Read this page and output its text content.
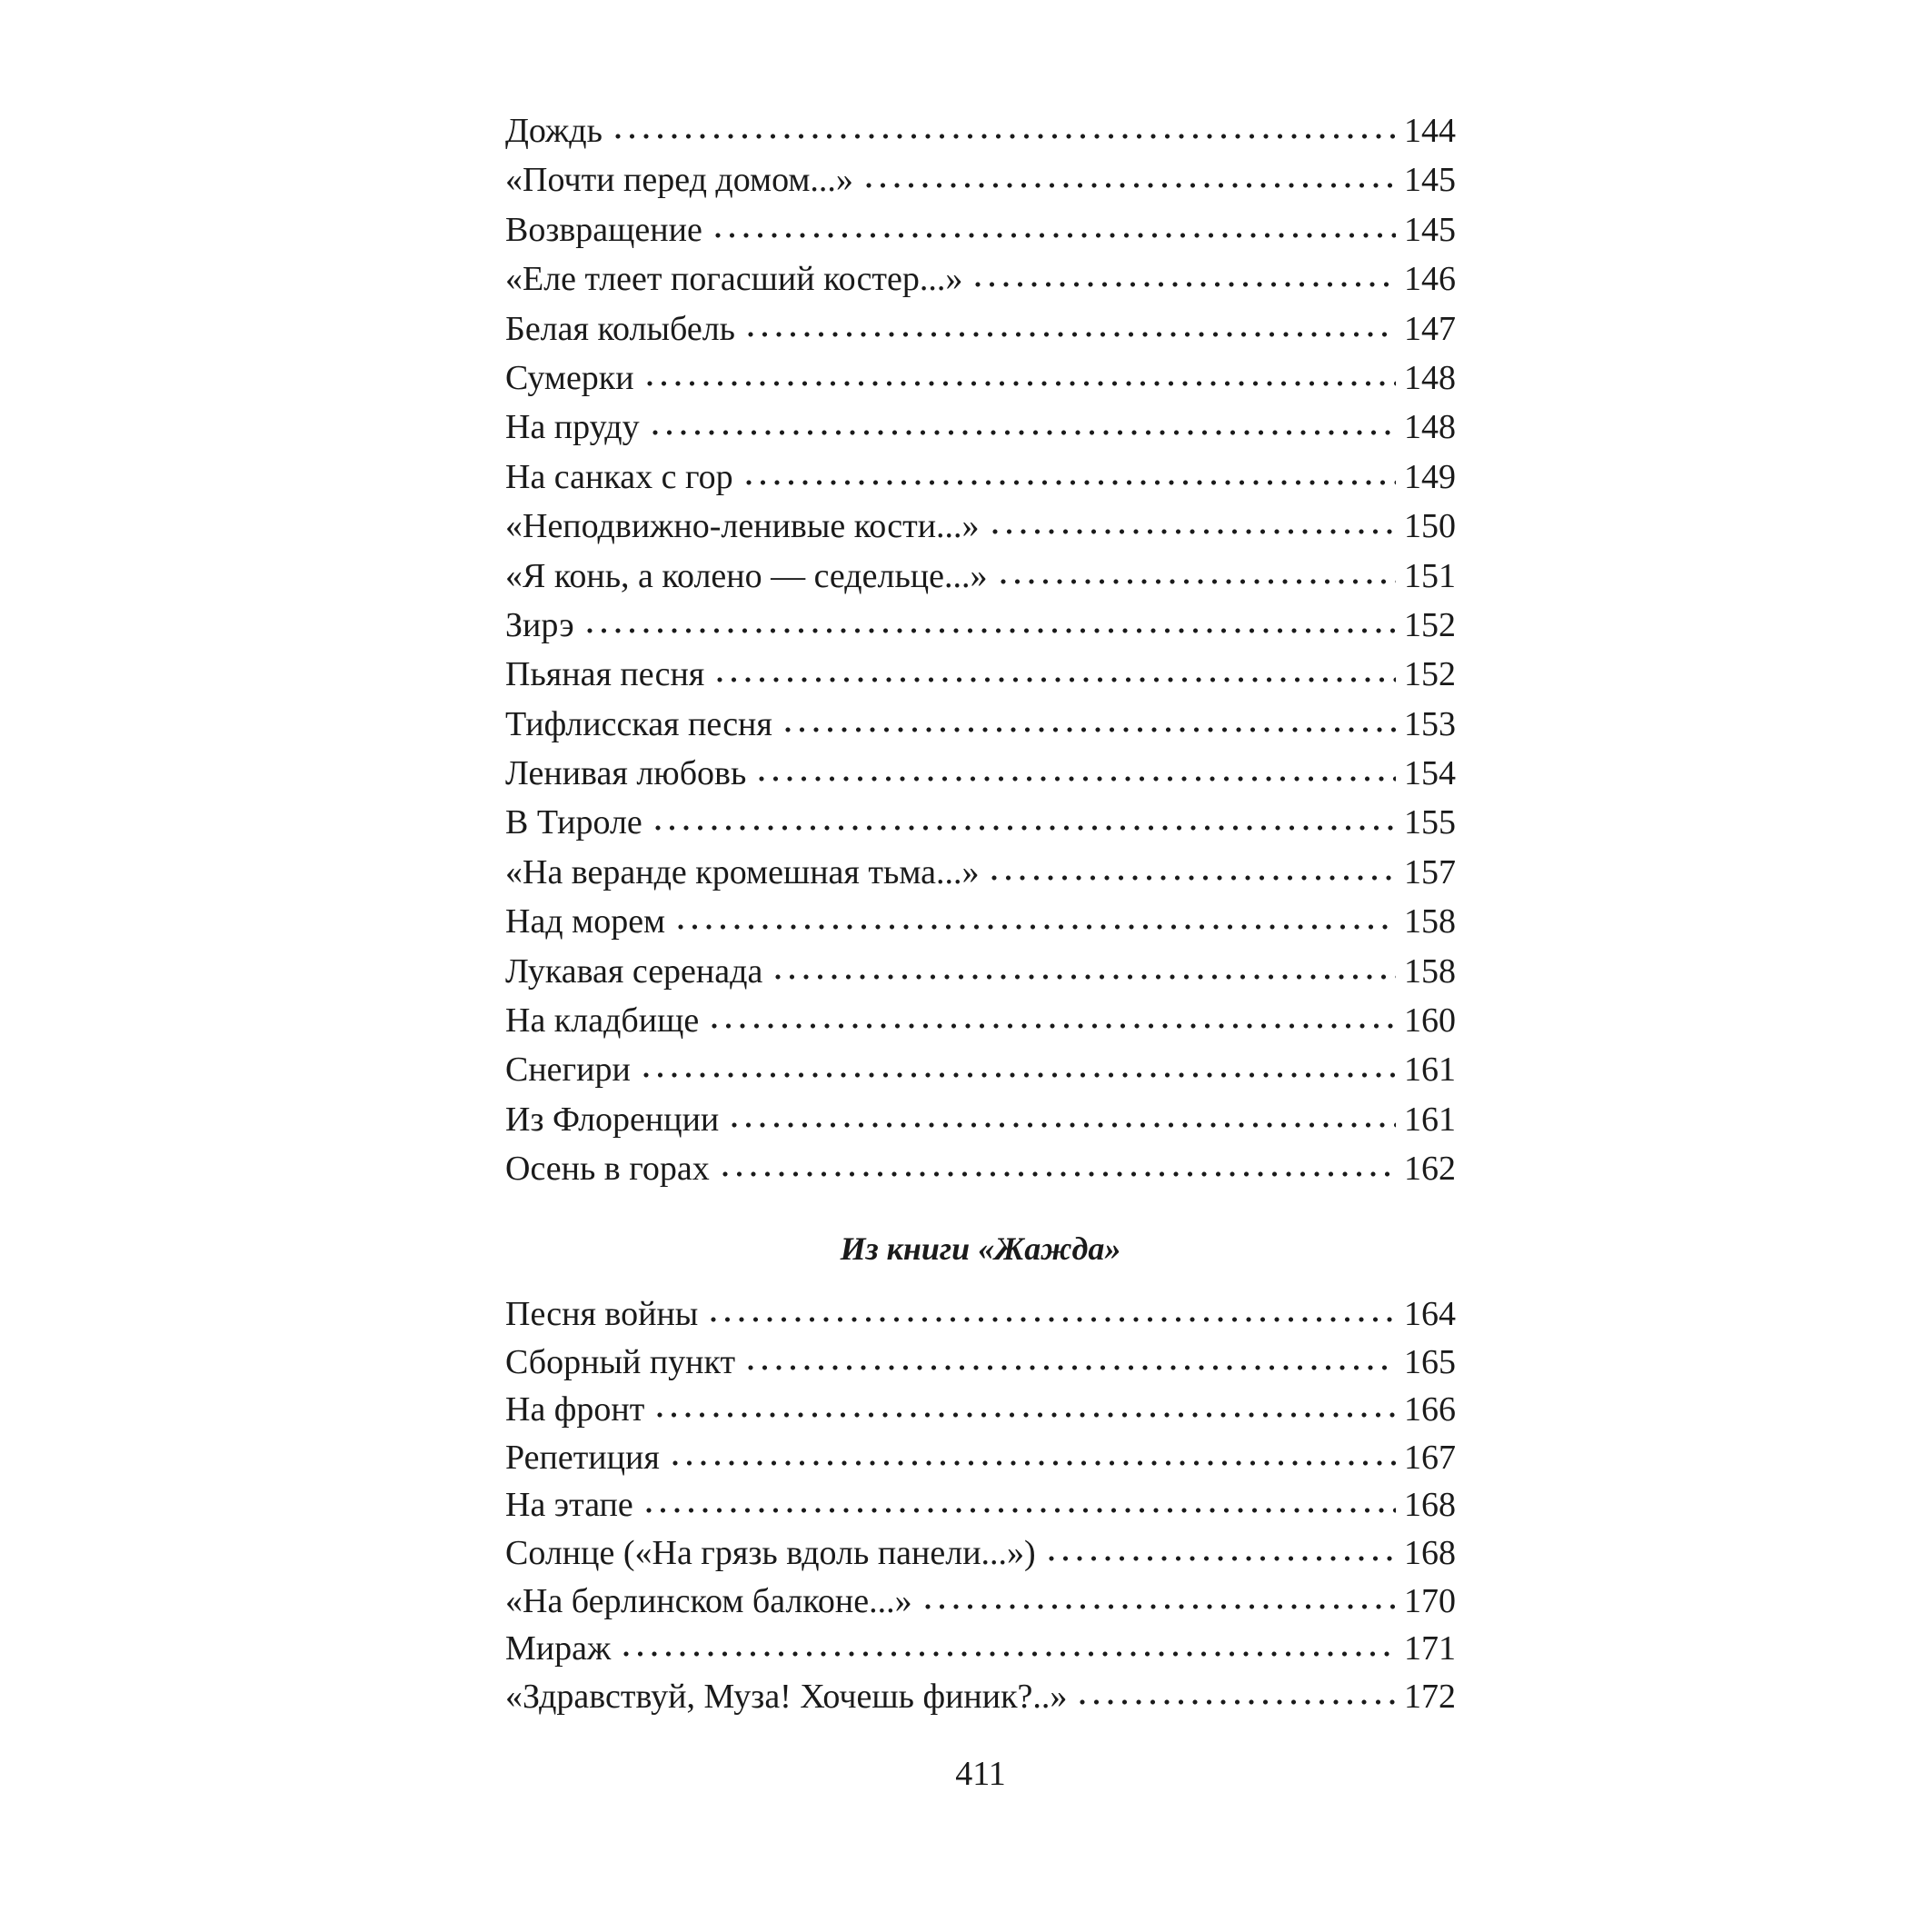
Дождь	144
«Почти перед домом...»	145
Возвращение	145
«Еле тлеет погасший костер...»	146
Белая колыбель	147
Сумерки	148
На пруду	148
На санках с гор	149
«Неподвижно-ленивые кости...»	150
«Я конь, а колено — седельце...»	151
Зирэ	152
Пьяная песня	152
Тифлисская песня	153
Ленивая любовь	154
В Тироле	155
«На веранде кромешная тьма...»	157
Над морем	158
Лукавая серенада	158
На кладбище	160
Снегири	161
Из Флоренции	161
Осень в горах	162
Из книги «Жажда»
Песня войны	164
Сборный пункт	165
На фронт	166
Репетиция	167
На этапе	168
Солнце («На грязь вдоль панели...»)	168
«На берлинском балконе...»	170
Мираж	171
«Здравствуй, Муза! Хочешь финик?..»	172
411
